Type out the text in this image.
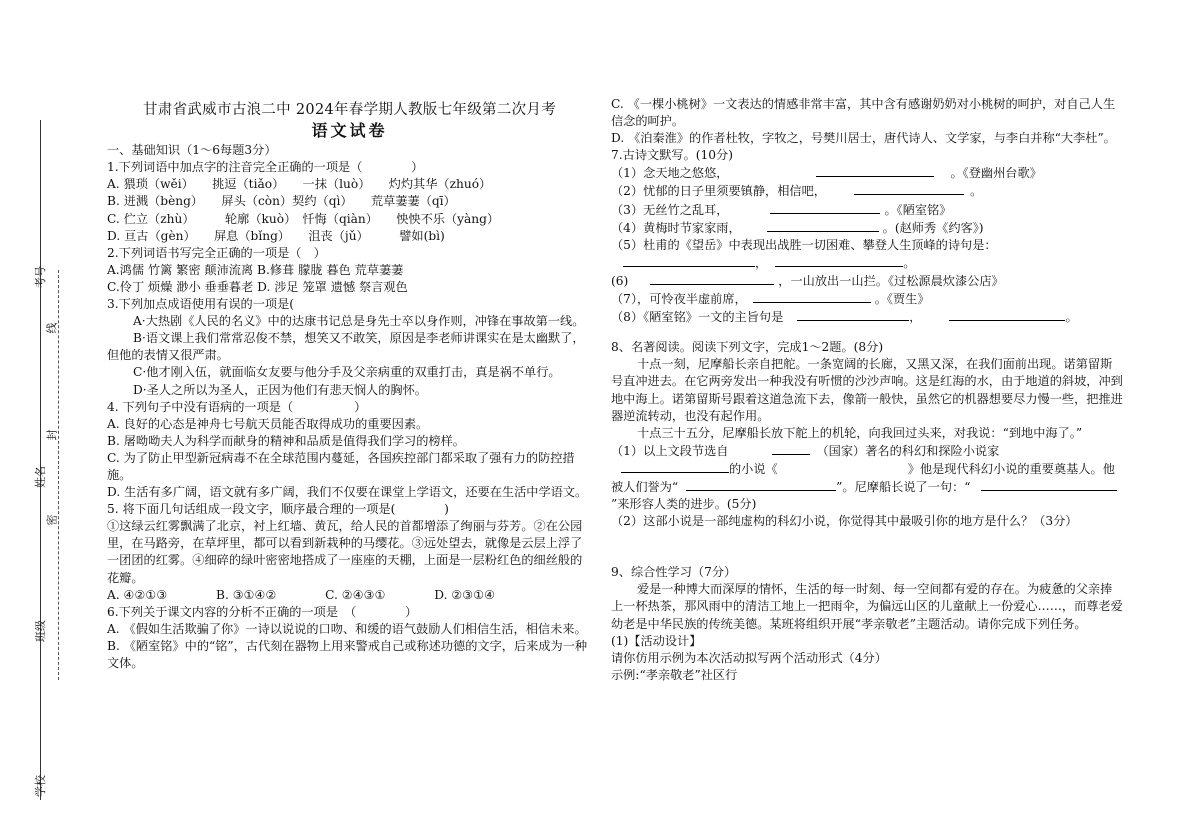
学校
班级
姓名
考号
密
封
线
甘肃省武威市古浪二中 2024年春学期人教版七年级第二次月考
语文试卷

一、基础知识（1～6每题3分）

1.下列词语中加点字的注音完全正确的一项是（　　　　）

A. 猥琐（wěi）　　挑逗（tiǎo）　　一抹（luò）　　灼灼其华（zhuó）

B. 迸溅（bèng）　　屏头（còn）契约（qì）　　荒草萋萋（qī）

C. 伫立（zhù）　　　轮廓（kuò）　忏悔（qiàn）　　怏怏不乐（yàng）

D. 亘古（gèn）　　屏息（bǐng）　　沮丧（jǔ）　　　譬如(bì)

2.下列词语书写完全正确的一项是（　）

A.鸿儒 竹篱 繁密 颠沛流离 B.修葺 朦胧 暮色 荒草萋萋

C.伶丁 烦燥 渺小 垂垂暮老 D. 涉足 笼罩 遗憾 祭言观色

3.下列加点成语使用有误的一项是(

A·大热剧《人民的名义》中的达康书记总是身先士卒以身作则，冲锋在事故第一线。

B·语文课上我们常常忍俊不禁，想笑又不敢笑，原因是李老师讲课实在是太幽默了，但他的表情又很严肃。

C·他才刚入伍，就面临女友要与他分手及父亲病重的双重打击，真是祸不单行。

D·圣人之所以为圣人，正因为他们有悲天悯人的胸怀。

4. 下列句子中没有语病的一项是（　　　　　）

A. 良好的心态是神舟七号航天员能否取得成功的重要因素。

B. 屠呦呦夫人为科学而献身的精神和品质是值得我们学习的榜样。

C. 为了防止甲型新冠病毒不在全球范围内蔓延，各国疾控部门都采取了强有力的防控措施。

D. 生活有多广阔，语文就有多广阔，我们不仅要在课堂上学语文，还要在生活中学语文。

5. 将下面几句话组成一段文字，顺序最合理的一项是(　　　　)

①这绿云红雾飘满了北京，衬上红墙、黄瓦，给人民的首都增添了绚丽与芬芳。②在公园里，在马路旁，在草坪里，都可以看到新栽种的马缨花。③远处望去，就像是云层上浮了一团团的红雾。④细碎的绿叶密密地搭成了一座座的天棚，上面是一层粉红色的细丝般的花瓣。

A. ④②①③　　　　B. ③①④②　　　　C. ②④③①　　　　D. ②③①④

6.下列关于课文内容的分析不正确的一项是　（　　　　）

A. 《假如生活欺骗了你》一诗以说说的口吻、和缓的语气鼓励人们相信生活，相信未来。

B. 《陋室铭》中的“铭”，古代刻在器物上用来警戒自己或称述功德的文字，后来成为一种文体。

C. 《一棵小桃树》一文表达的情感非常丰富，其中含有感谢奶奶对小桃树的呵护，对自己人生信念的呵护。

D. 《泊秦淮》的作者杜牧，字牧之，号樊川居士，唐代诗人、文学家，与李白并称“大李杜”。

7.古诗文默写。(10分)

（1）念天地之悠悠，	。《登幽州台歌》

（2）忧郁的日子里须要镇静，相信吧，	。

（3）无丝竹之乱耳，	。《陋室铭》

（4）黄梅时节家家雨，	。(赵师秀《约客》)

（5）杜甫的《望岳》中表现出战胜一切困难、攀登人生顶峰的诗句是：

，	。

(6)	，一山放出一山拦。《过松源晨炊漆公店》

（7），可怜夜半虚前席，	。《贾生》

（8）《陋室铭》一文的主旨句是	，	。

8、名著阅读。阅读下列文字，完成1～2题。(8分)

十点一刻，尼摩船长亲自把舵。一条宽阔的长廊，又黑又深，在我们面前出现。诺第留斯号直冲进去。在它两旁发出一种我没有听惯的沙沙声响。这是红海的水，由于地道的斜坡，冲到地中海上。诺第留斯号跟着这道急流下去，像箭一般快，虽然它的机器想要尽力慢一些，把推进器逆流转动，也没有起作用。

十点三十五分，尼摩船长放下舵上的机轮，向我回过头来，对我说：“到地中海了。”

（1）以上文段节选自	（国家）著名的科幻和探险小说家
的小说《	》他是现代科幻小说的重要奠基人。他被人们誉为“	”。尼摩船长说了一句：“”来形容人类的进步。(5分)

（2）这部小说是一部纯虚构的科幻小说，你觉得其中最吸引你的地方是什么？（3分）

9、综合性学习（7分）

爱是一种博大而深厚的情怀，生活的每一时刻、每一空间都有爱的存在。为疲惫的父亲捧上一杯热茶，那风雨中的清洁工地上一把雨伞，为偏远山区的儿童献上一份爱心……，而尊老爱幼老是中华民族的传统美德。某班将组织开展“孝亲敬老”主题活动。请你完成下列任务。

(1)【活动设计】

请你仿用示例为本次活动拟写两个活动形式（4分）

示例:“孝亲敬老”社区行
